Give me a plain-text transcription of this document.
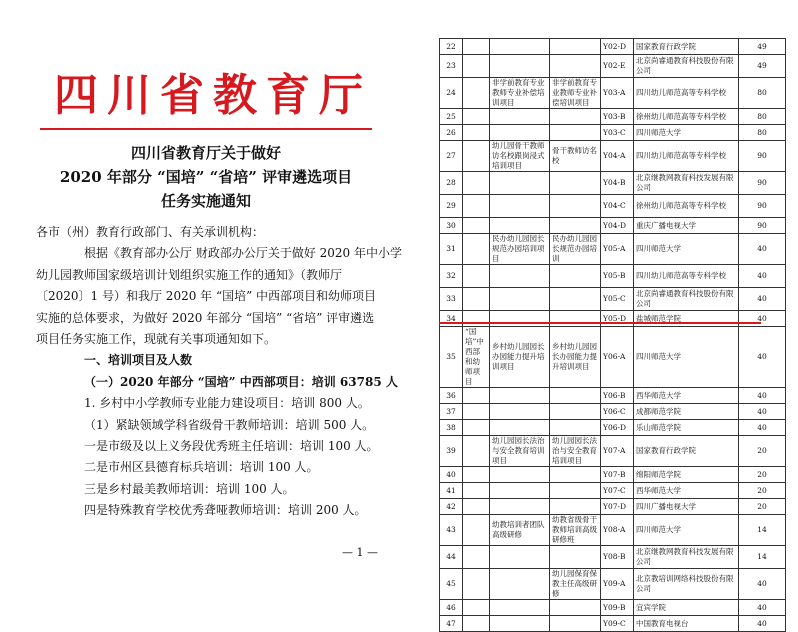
四川省教育厅
四川省教育厅关于做好
2020 年部分 “国培” “省培” 评审遴选项目
任务实施通知

各市（州）教育行政部门、有关承训机构：

根据《教育部办公厅 财政部办公厅关于做好 2020 年中小学

幼儿园教师国家级培训计划组织实施工作的通知》（教师厅

〔2020〕1 号）和我厅 2020 年 “国培” 中西部项目和幼师项目

实施的总体要求，为做好 2020 年部分 “国培” “省培” 评审遴选

项目任务实施工作，现就有关事项通知如下。

一、培训项目及人数

（一）2020 年部分 “国培” 中西部项目：培训 63785 人

1. 乡村中小学教师专业能力建设项目：培训 800 人。

（1）紧缺领域学科省级骨干教师培训：培训 500 人。

一是市级及以上义务段优秀班主任培训：培训 100 人。

二是市州区县德育标兵培训：培训 100 人。

三是乡村最美教师培训：培训 100 人。

四是特殊教育学校优秀聋哑教师培训：培训 200 人。

— 1 —
22				Y02-D	国家教育行政学院	49
23				Y02-E	北京尚睿通教育科技股份有限公司	49
24		非学前教育专业教师专业补偿培训项目	非学前教育专业教师专业补偿培训项目	Y03-A	四川幼儿师范高等专科学校	80
25				Y03-B	徐州幼儿师范高等专科学校	80
26				Y03-C	四川师范大学	80
27		幼儿园骨干教师访名校跟岗浸式培训项目	骨干教师访名校	Y04-A	四川幼儿师范高等专科学校	90
28				Y04-B	北京继教网教育科技发展有限公司	90
29				Y04-C	徐州幼儿师范高等专科学校	90
30				Y04-D	重庆广播电视大学	90
31		民办幼儿园园长规范办园培训项目	民办幼儿园园长规范办园培训	Y05-A	四川师范大学	40
32				Y05-B	四川幼儿师范高等专科学校	40
33				Y05-C	北京尚睿通教育科技股份有限公司	40
34				Y05-D	盐城师范学院	40
35	“国培”中西部和幼师项目	乡村幼儿园园长办园能力提升培训项目	乡村幼儿园园长办园能力提升培训项目	Y06-A	四川师范大学	40
36				Y06-B	西华师范大学	40
37				Y06-C	成都师范学院	40
38				Y06-D	乐山师范学院	40
39		幼儿园园长法治与安全教育培训项目	幼儿园园长法治与安全教育培训项目	Y07-A	国家教育行政学院	20
40				Y07-B	绵阳师范学院	20
41				Y07-C	西华师范大学	20
42				Y07-D	四川广播电视大学	20
43		幼教培训者团队高级研修	幼教省级骨干教师培训高级研修班	Y08-A	四川师范大学	14
44				Y08-B	北京继教网教育科技发展有限公司	14
45			幼儿园保育保教主任高级研修	Y09-A	北京教培训网络科技股份有限公司	40
46				Y09-B	宜宾学院	40
47				Y09-C	中国教育电视台	40
